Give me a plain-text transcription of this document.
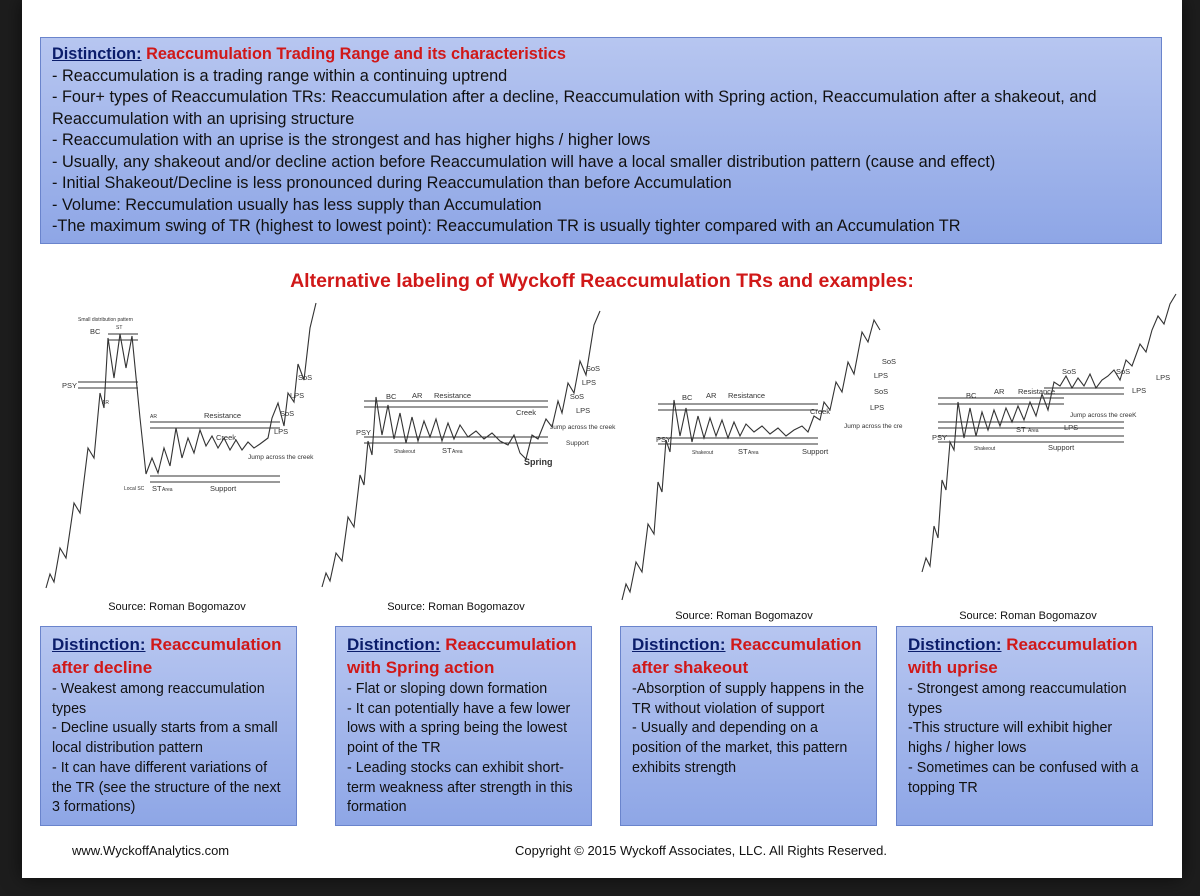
Distinction: Reaccumulation Trading Range and its characteristics
- Reaccumulation is a trading range within a continuing uptrend
- Four+ types of Reaccumulation TRs: Reaccumulation after a decline, Reaccumulation with Spring action, Reaccumulation after a shakeout, and Reaccumulation with an uprising structure
- Reaccumulation with an uprise is the strongest and has higher highs / higher lows
- Usually, any shakeout and/or decline action before Reaccumulation will have a local smaller distribution pattern (cause and effect)
- Initial Shakeout/Decline is less pronounced during Reaccumulation than before Accumulation
- Volume: Reccumulation usually has less supply than Accumulation
-The maximum swing of TR (highest to lowest point): Reaccumulation TR is usually tighter compared with an Accumulation TR
Alternative labeling of Wyckoff Reaccumulation TRs and examples:
Small distribution pattern
BC	ST
PSY
AR
AR	Resistance
Creek
SoS
LPS
SoS
LPS
Jump across the creek
Local SC ST Area	Support
Source: Roman Bogomazov
BC AR Resistance
PSY
Shakeout	ST Area
Creek
Jump across the creek
Support
Spring
SoS
LPS
SoS
LPS
Source: Roman Bogomazov
BC AR Resistance
PSY
Shakeout	ST Area	Support
Creek
Jump across the cre
SoS
LPS
SoS
LPS
Source: Roman Bogomazov
BC AR Resistance
PSY
Shakeout
ST Area
Support
SoS	SoS
LPS
LPS
LPS
Jump across the creeK
Source: Roman Bogomazov
Distinction: Reaccumulation after decline
- Weakest among reaccumulation types
- Decline usually starts from a small local distribution pattern
- It can have different variations of the TR (see the structure of the next 3 formations)
Distinction: Reaccumulation with Spring action
- Flat or sloping down formation
- It can potentially have a few lower lows with a spring being the lowest point of the TR
- Leading stocks can exhibit short-term weakness after strength in this formation
Distinction: Reaccumulation after shakeout
-Absorption of supply happens in the TR without violation of support
- Usually and depending on a position of the market, this pattern exhibits strength
Distinction: Reaccumulation with uprise
- Strongest among reaccumulation types
-This structure will exhibit higher highs / higher lows
- Sometimes can be confused with a topping TR
www.WyckoffAnalytics.com	Copyright © 2015 Wyckoff Associates, LLC. All Rights Reserved.
